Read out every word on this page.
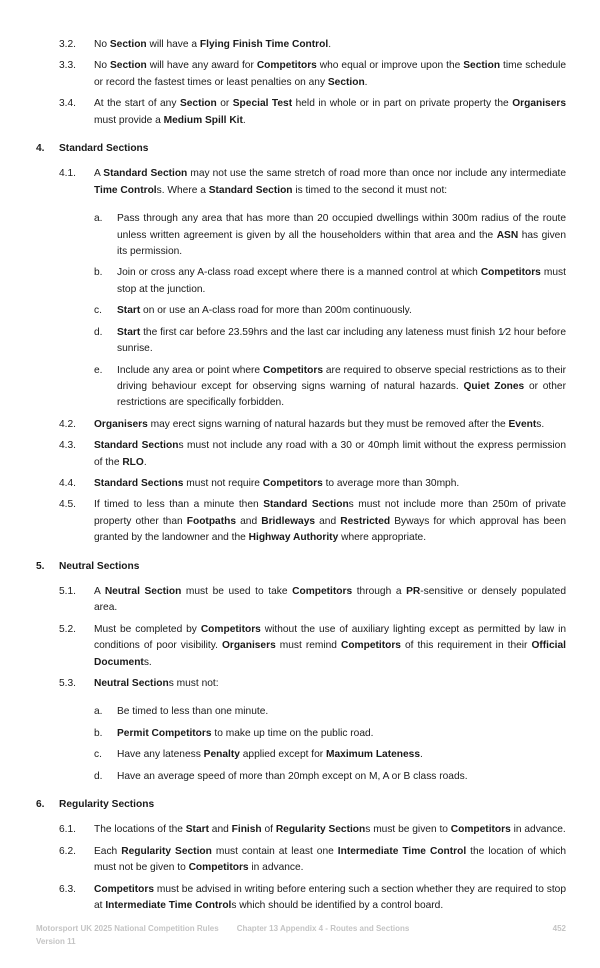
3.2.	No Section will have a Flying Finish Time Control.
3.3.	No Section will have any award for Competitors who equal or improve upon the Section time schedule or record the fastest times or least penalties on any Section.
3.4.	At the start of any Section or Special Test held in whole or in part on private property the Organisers must provide a Medium Spill Kit.
4.	Standard Sections
4.1.	A Standard Section may not use the same stretch of road more than once nor include any intermediate Time Controls. Where a Standard Section is timed to the second it must not:
a.	Pass through any area that has more than 20 occupied dwellings within 300m radius of the route unless written agreement is given by all the householders within that area and the ASN has given its permission.
b.	Join or cross any A-class road except where there is a manned control at which Competitors must stop at the junction.
c.	Start on or use an A-class road for more than 200m continuously.
d.	Start the first car before 23.59hrs and the last car including any lateness must finish 1⁄2 hour before sunrise.
e.	Include any area or point where Competitors are required to observe special restrictions as to their driving behaviour except for observing signs warning of natural hazards. Quiet Zones or other restrictions are specifically forbidden.
4.2.	Organisers may erect signs warning of natural hazards but they must be removed after the Events.
4.3.	Standard Sections must not include any road with a 30 or 40mph limit without the express permission of the RLO.
4.4.	Standard Sections must not require Competitors to average more than 30mph.
4.5.	If timed to less than a minute then Standard Sections must not include more than 250m of private property other than Footpaths and Bridleways and Restricted Byways for which approval has been granted by the landowner and the Highway Authority where appropriate.
5.	Neutral Sections
5.1.	A Neutral Section must be used to take Competitors through a PR-sensitive or densely populated area.
5.2.	Must be completed by Competitors without the use of auxiliary lighting except as permitted by law in conditions of poor visibility. Organisers must remind Competitors of this requirement in their Official Documents.
5.3.	Neutral Sections must not:
a.	Be timed to less than one minute.
b.	Permit Competitors to make up time on the public road.
c.	Have any lateness Penalty applied except for Maximum Lateness.
d.	Have an average speed of more than 20mph except on M, A or B class roads.
6.	Regularity Sections
6.1.	The locations of the Start and Finish of Regularity Sections must be given to Competitors in advance.
6.2.	Each Regularity Section must contain at least one Intermediate Time Control the location of which must not be given to Competitors in advance.
6.3.	Competitors must be advised in writing before entering such a section whether they are required to stop at Intermediate Time Controls which should be identified by a control board.
Motorsport UK 2025 National Competition Rules
Version 11
Chapter 13 Appendix 4 - Routes and Sections	452
